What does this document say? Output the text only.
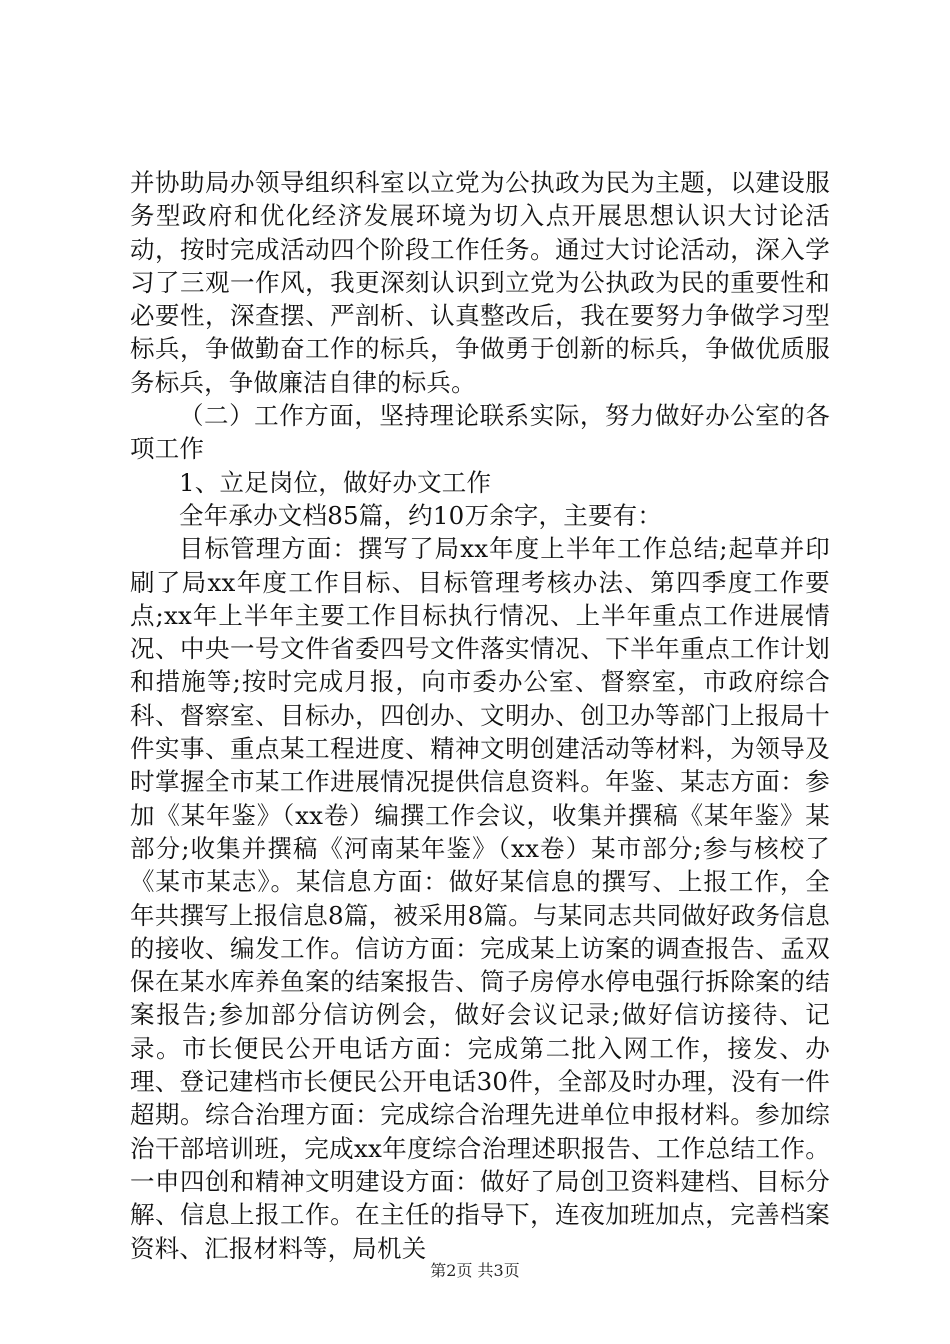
并协助局办领导组织科室以立党为公执政为民为主题，以建设服务型政府和优化经济发展环境为切入点开展思想认识大讨论活动，按时完成活动四个阶段工作任务。通过大讨论活动，深入学习了三观一作风，我更深刻认识到立党为公执政为民的重要性和必要性，深查摆、严剖析、认真整改后，我在要努力争做学习型标兵，争做勤奋工作的标兵，争做勇于创新的标兵，争做优质服务标兵，争做廉洁自律的标兵。

（二）工作方面，坚持理论联系实际，努力做好办公室的各项工作

1、立足岗位，做好办文工作

全年承办文档85篇，约10万余字，主要有：

目标管理方面：撰写了局xx年度上半年工作总结;起草并印刷了局xx年度工作目标、目标管理考核办法、第四季度工作要点;xx年上半年主要工作目标执行情况、上半年重点工作进展情况、中央一号文件省委四号文件落实情况、下半年重点工作计划和措施等;按时完成月报，向市委办公室、督察室，市政府综合科、督察室、目标办，四创办、文明办、创卫办等部门上报局十件实事、重点某工程进度、精神文明创建活动等材料，为领导及时掌握全市某工作进展情况提供信息资料。年鉴、某志方面：参加《某年鉴》（xx卷）编撰工作会议，收集并撰稿《某年鉴》某部分;收集并撰稿《河南某年鉴》（xx卷）某市部分;参与核校了《某市某志》。某信息方面：做好某信息的撰写、上报工作，全年共撰写上报信息8篇，被采用8篇。与某同志共同做好政务信息的接收、编发工作。信访方面：完成某上访案的调查报告、孟双保在某水库养鱼案的结案报告、筒子房停水停电强行拆除案的结案报告;参加部分信访例会，做好会议记录;做好信访接待、记录。市长便民公开电话方面：完成第二批入网工作，接发、办理、登记建档市长便民公开电话30件，全部及时办理，没有一件超期。综合治理方面：完成综合治理先进单位申报材料。参加综治干部培训班，完成xx年度综合治理述职报告、工作总结工作。一申四创和精神文明建设方面：做好了局创卫资料建档、目标分解、信息上报工作。在主任的指导下，连夜加班加点，完善档案资料、汇报材料等，局机关

第2页 共3页
